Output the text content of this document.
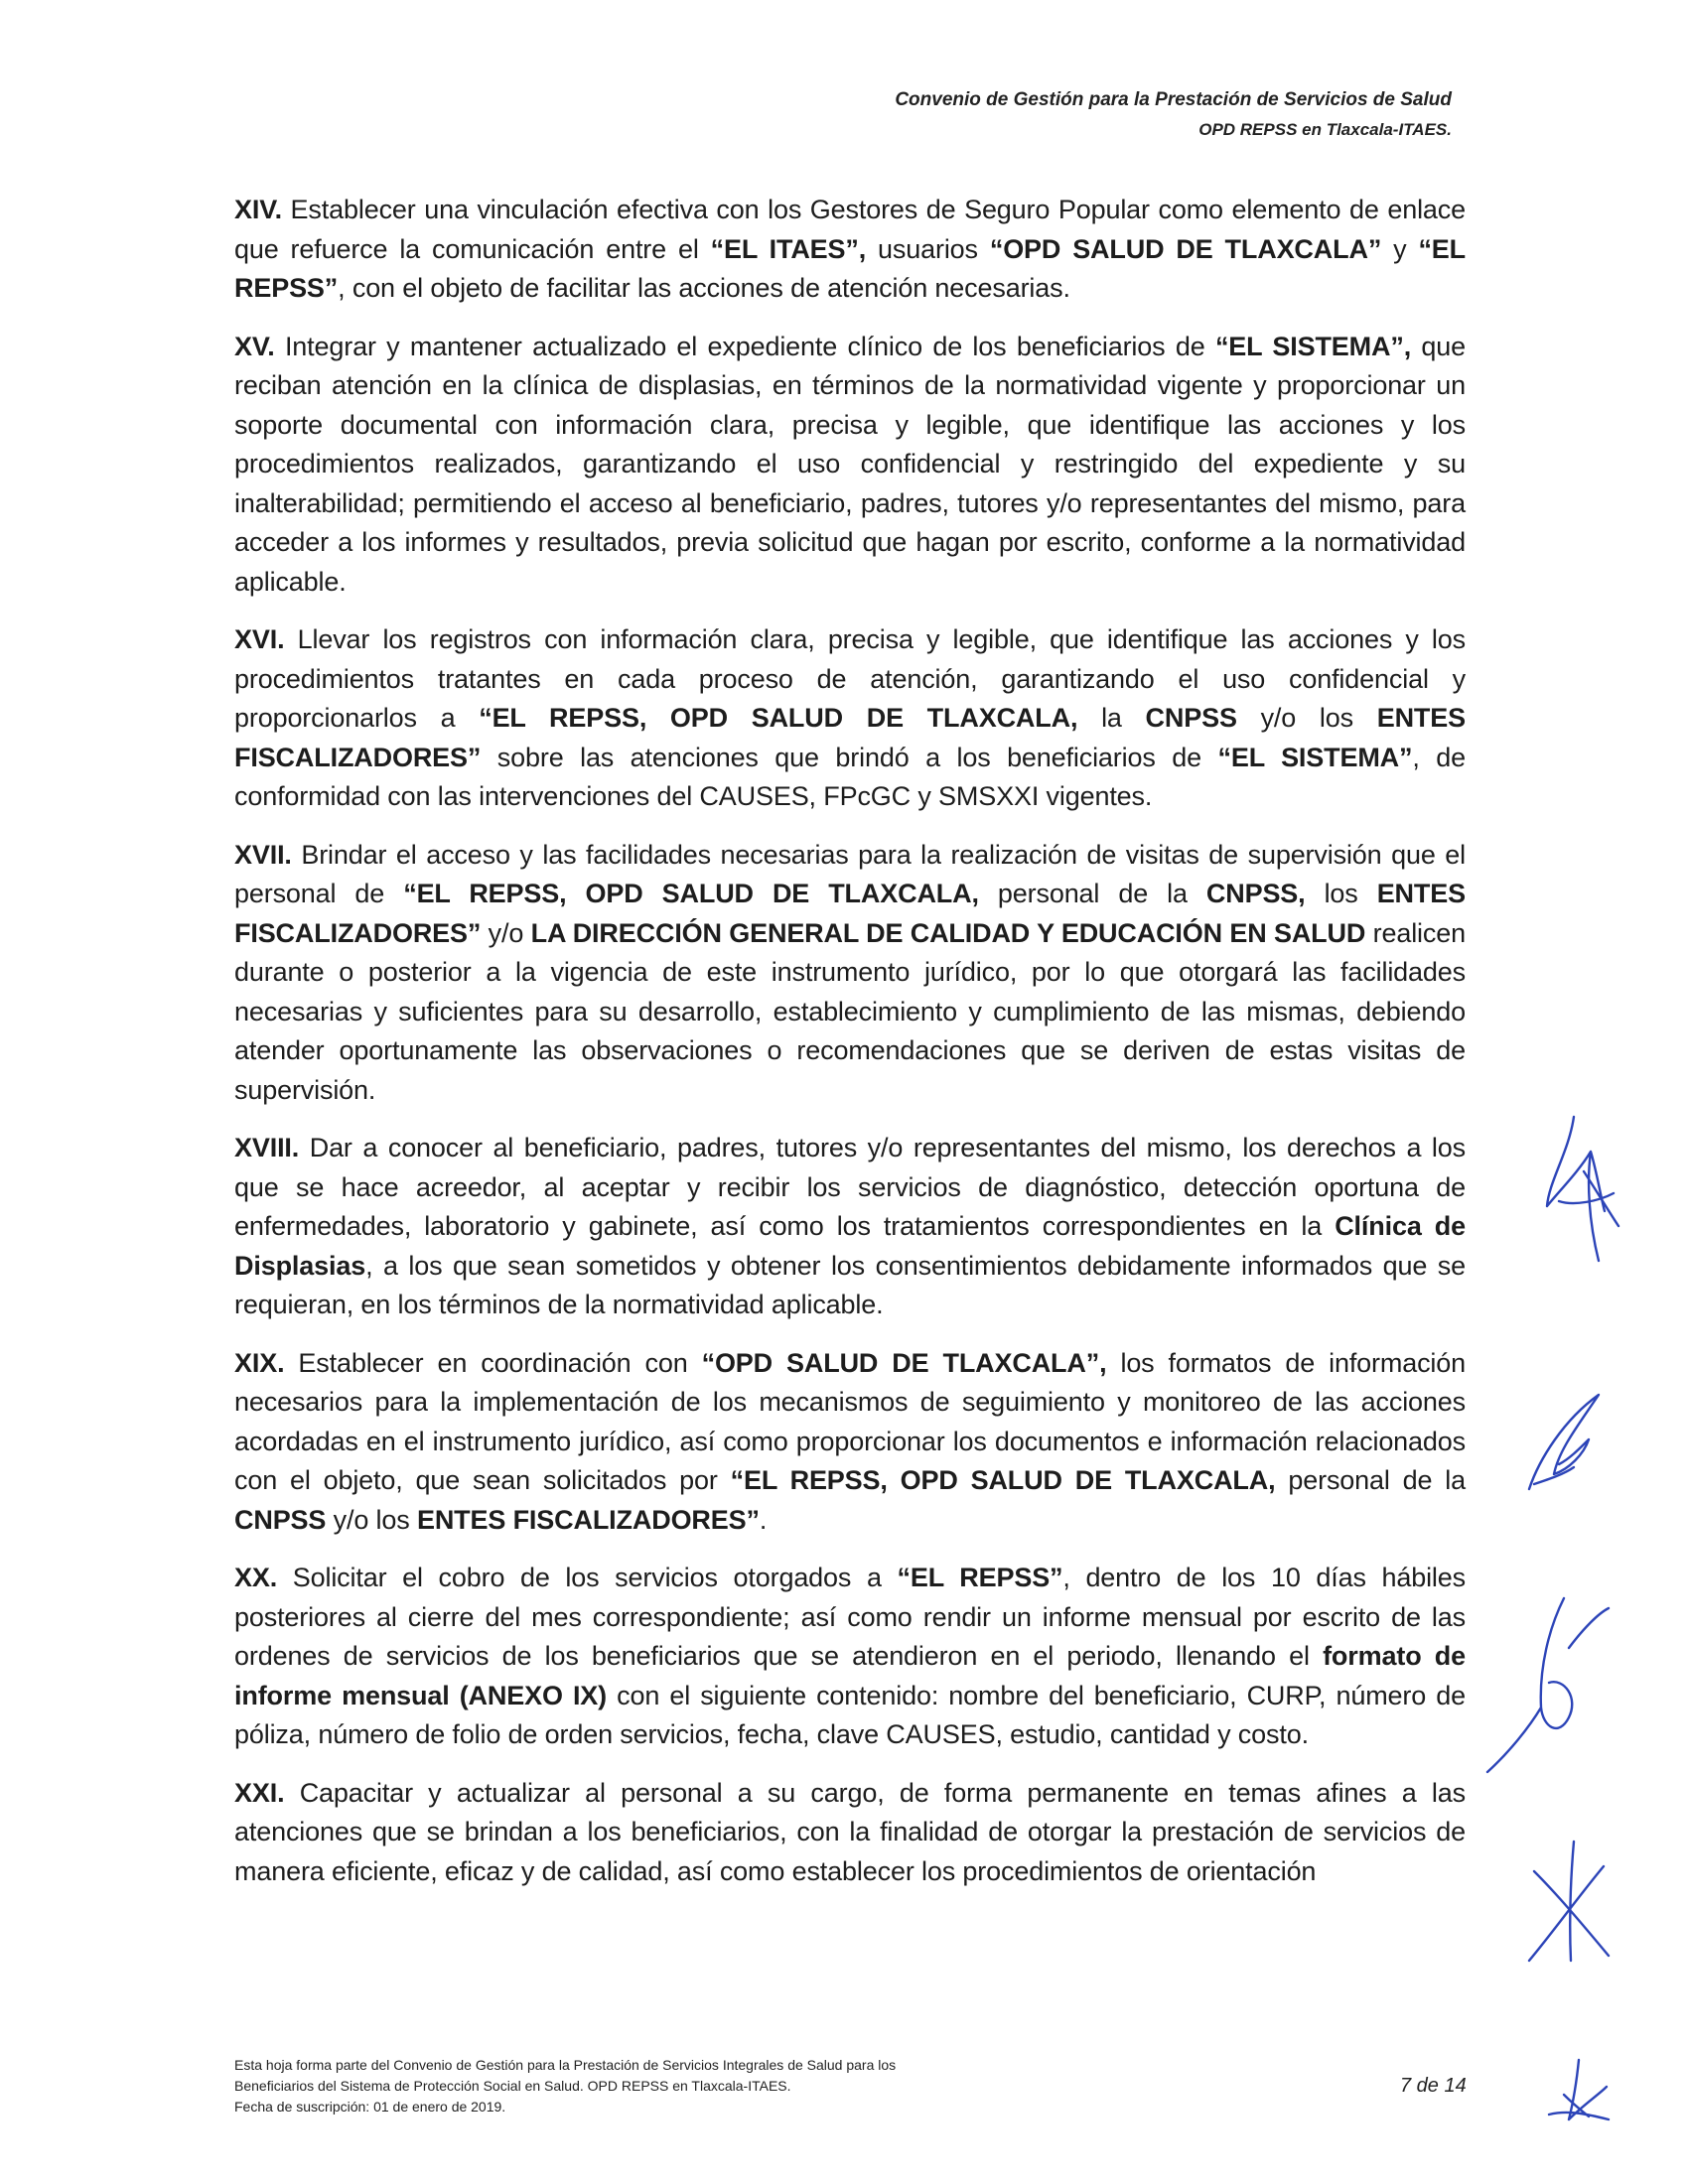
Convenio de Gestión para la Prestación de Servicios de Salud
OPD REPSS en Tlaxcala-ITAES.

XIV. Establecer una vinculación efectiva con los Gestores de Seguro Popular como elemento de enlace que refuerce la comunicación entre el “EL ITAES”, usuarios “OPD SALUD DE TLAXCALA” y “EL REPSS”, con el objeto de facilitar las acciones de atención necesarias.

XV. Integrar y mantener actualizado el expediente clínico de los beneficiarios de “EL SISTEMA”, que reciban atención en la clínica de displasias, en términos de la normatividad vigente y proporcionar un soporte documental con información clara, precisa y legible, que identifique las acciones y los procedimientos realizados, garantizando el uso confidencial y restringido del expediente y su inalterabilidad; permitiendo el acceso al beneficiario, padres, tutores y/o representantes del mismo, para acceder a los informes y resultados, previa solicitud que hagan por escrito, conforme a la normatividad aplicable.

XVI. Llevar los registros con información clara, precisa y legible, que identifique las acciones y los procedimientos tratantes en cada proceso de atención, garantizando el uso confidencial y proporcionarlos a “EL REPSS, OPD SALUD DE TLAXCALA, la CNPSS y/o los ENTES FISCALIZADORES” sobre las atenciones que brindó a los beneficiarios de “EL SISTEMA”, de conformidad con las intervenciones del CAUSES, FPcGC y SMSXXI vigentes.

XVII. Brindar el acceso y las facilidades necesarias para la realización de visitas de supervisión que el personal de “EL REPSS, OPD SALUD DE TLAXCALA, personal de la CNPSS, los ENTES FISCALIZADORES” y/o LA DIRECCIÓN GENERAL DE CALIDAD Y EDUCACIÓN EN SALUD realicen durante o posterior a la vigencia de este instrumento jurídico, por lo que otorgará las facilidades necesarias y suficientes para su desarrollo, establecimiento y cumplimiento de las mismas, debiendo atender oportunamente las observaciones o recomendaciones que se deriven de estas visitas de supervisión.

XVIII. Dar a conocer al beneficiario, padres, tutores y/o representantes del mismo, los derechos a los que se hace acreedor, al aceptar y recibir los servicios de diagnóstico, detección oportuna de enfermedades, laboratorio y gabinete, así como los tratamientos correspondientes en la Clínica de Displasias, a los que sean sometidos y obtener los consentimientos debidamente informados que se requieran, en los términos de la normatividad aplicable.

XIX. Establecer en coordinación con “OPD SALUD DE TLAXCALA”, los formatos de información necesarios para la implementación de los mecanismos de seguimiento y monitoreo de las acciones acordadas en el instrumento jurídico, así como proporcionar los documentos e información relacionados con el objeto, que sean solicitados por “EL REPSS, OPD SALUD DE TLAXCALA, personal de la CNPSS y/o los ENTES FISCALIZADORES”.

XX. Solicitar el cobro de los servicios otorgados a “EL REPSS”, dentro de los 10 días hábiles posteriores al cierre del mes correspondiente; así como rendir un informe mensual por escrito de las ordenes de servicios de los beneficiarios que se atendieron en el periodo, llenando el formato de informe mensual (ANEXO IX) con el siguiente contenido: nombre del beneficiario, CURP, número de póliza, número de folio de orden servicios, fecha, clave CAUSES, estudio, cantidad y costo.

XXI. Capacitar y actualizar al personal a su cargo, de forma permanente en temas afines a las atenciones que se brindan a los beneficiarios, con la finalidad de otorgar la prestación de servicios de manera eficiente, eficaz y de calidad, así como establecer los procedimientos de orientación

Esta hoja forma parte del Convenio de Gestión para la Prestación de Servicios Integrales de Salud para los
Beneficiarios del Sistema de Protección Social en Salud. OPD REPSS en Tlaxcala-ITAES.
Fecha de suscripción: 01 de enero de 2019.
7 de 14
